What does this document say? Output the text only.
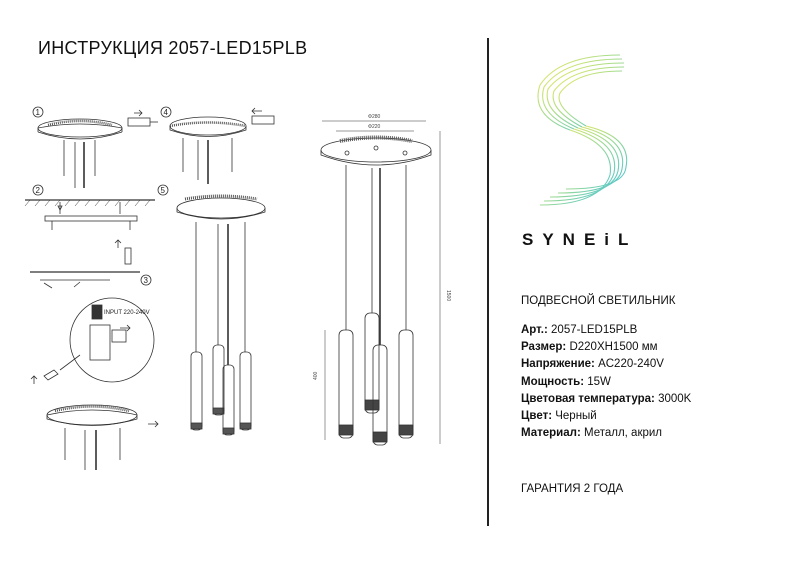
ИНСТРУКЦИЯ 2057-LED15PLB
INPUT 220-240V
1
2
3
4
5
Φ280
Φ220
1500
400
SYNEiL
ПОДВЕСНОЙ СВЕТИЛЬНИК
Арт.: 2057-LED15PLB
Размер: D220XH1500 мм
Напряжение: AC220-240V
Мощность: 15W
Цветовая температура: 3000K
Цвет: Черный
Материал: Металл, акрил
ГАРАНТИЯ 2 ГОДА
